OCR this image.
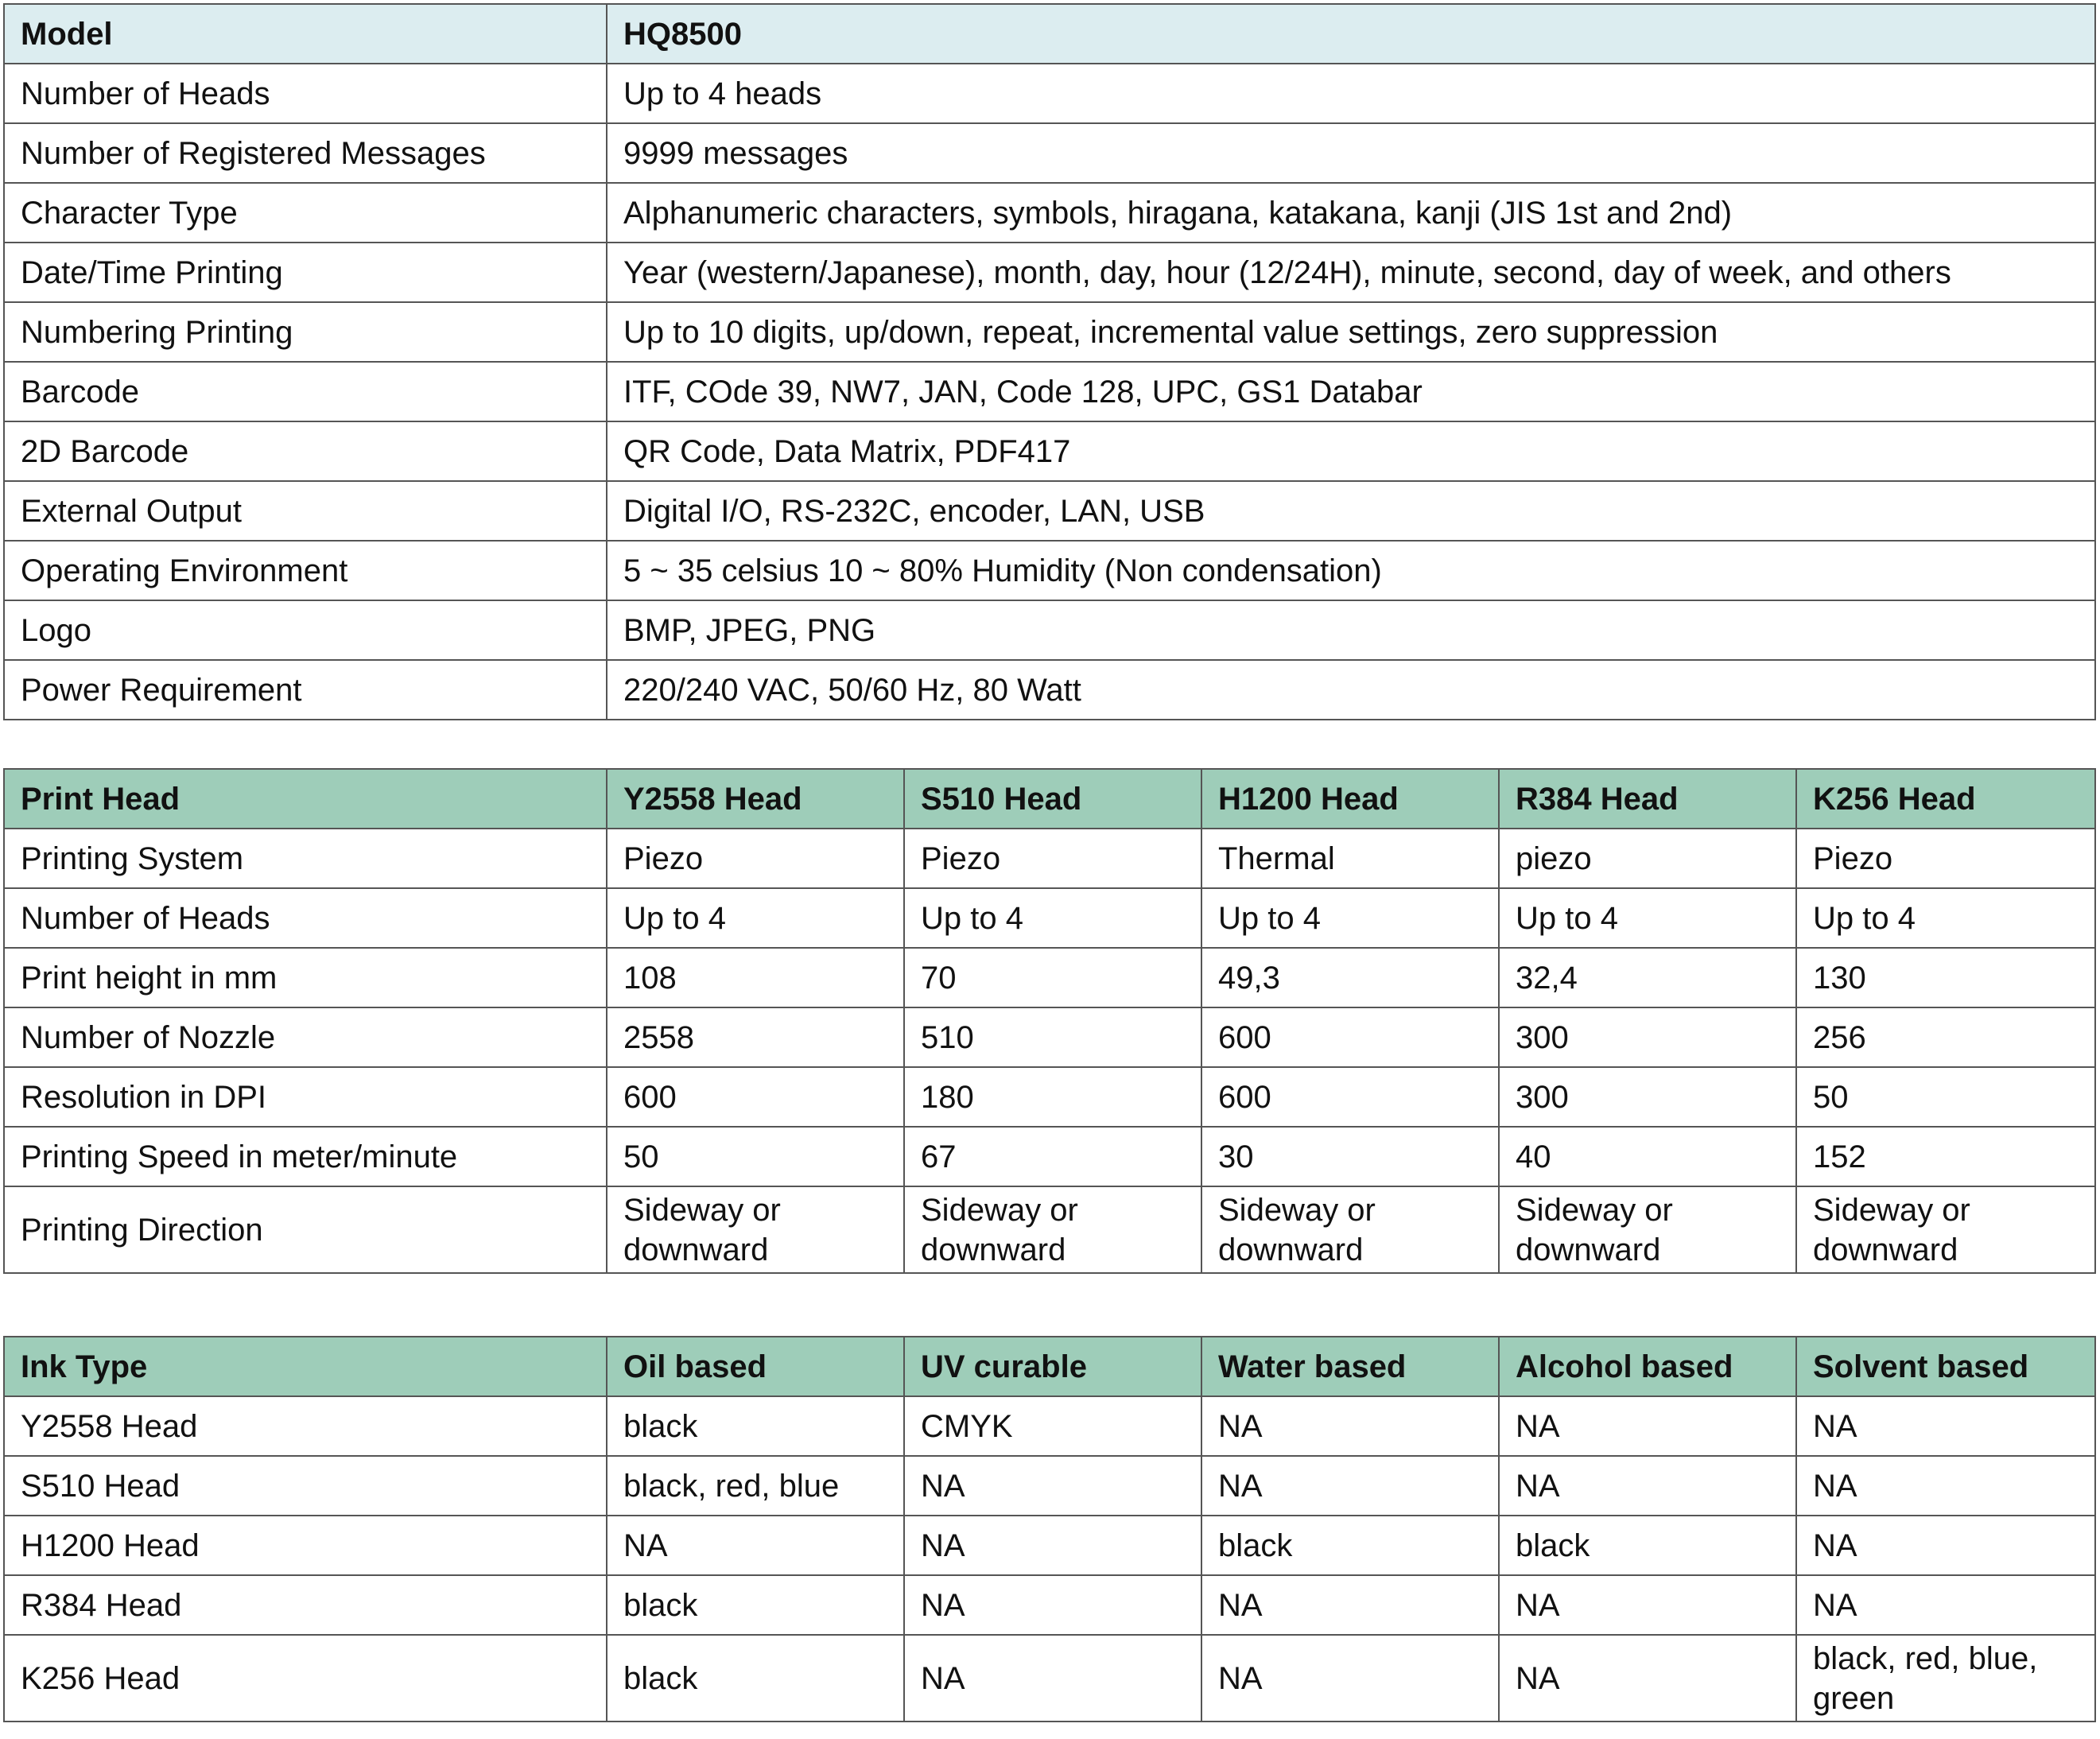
Model	HQ8500
Number of Heads	Up to 4 heads
Number of Registered Messages	9999 messages
Character Type	Alphanumeric characters, symbols, hiragana, katakana, kanji (JIS 1st and 2nd)
Date/Time Printing	Year (western/Japanese), month, day, hour (12/24H), minute, second, day of week, and others
Numbering Printing	Up to 10 digits, up/down, repeat, incremental value settings, zero suppression
Barcode	ITF, COde 39, NW7, JAN, Code 128, UPC, GS1 Databar
2D Barcode	QR Code, Data Matrix, PDF417
External Output	Digital I/O, RS-232C, encoder, LAN, USB
Operating Environment	5 ~ 35 celsius 10 ~ 80% Humidity (Non condensation)
Logo	BMP, JPEG, PNG
Power Requirement	220/240 VAC, 50/60 Hz, 80 Watt
Print Head	Y2558 Head	S510 Head	H1200 Head	R384 Head	K256 Head
Printing System	Piezo	Piezo	Thermal	piezo	Piezo
Number of Heads	Up to 4	Up to 4	Up to 4	Up to 4	Up to 4
Print height in mm	108	70	49,3	32,4	130
Number of Nozzle	2558	510	600	300	256
Resolution in DPI	600	180	600	300	50
Printing Speed in meter/minute	50	67	30	40	152
Printing Direction	Sideway or downward	Sideway or downward	Sideway or downward	Sideway or downward	Sideway or downward
Ink Type	Oil based	UV curable	Water based	Alcohol based	Solvent based
Y2558 Head	black	CMYK	NA	NA	NA
S510 Head	black, red, blue	NA	NA	NA	NA
H1200 Head	NA	NA	black	black	NA
R384 Head	black	NA	NA	NA	NA
K256 Head	black	NA	NA	NA	black, red, blue, green
